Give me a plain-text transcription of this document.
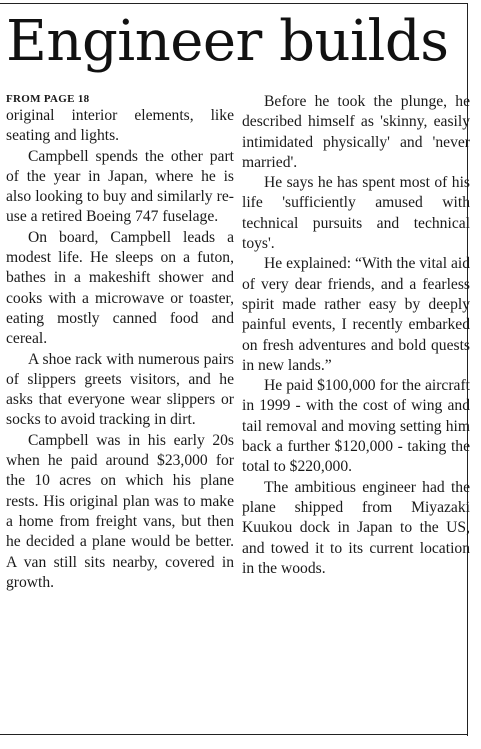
Engineer builds
FROM PAGE 18

original interior elements, like seating and lights.

Campbell spends the other part of the year in Japan, where he is also looking to buy and similarly re-use a retired Boeing 747 fuselage.

On board, Campbell leads a modest life. He sleeps on a futon, bathes in a makeshift shower and cooks with a microwave or toaster, eating mostly canned food and cereal.

A shoe rack with numerous pairs of slippers greets visitors, and he asks that everyone wear slippers or socks to avoid tracking in dirt.

Campbell was in his early 20s when he paid around $23,000 for the 10 acres on which his plane rests. His original plan was to make a home from freight vans, but then he decided a plane would be better. A van still sits nearby, covered in growth.

Before he took the plunge, he described himself as 'skinny, easily intimidated physically' and 'never married'.

He says he has spent most of his life 'sufficiently amused with technical pursuits and technical toys'.

He explained: “With the vital aid of very dear friends, and a fearless spirit made rather easy by deeply painful events, I recently embarked on fresh adventures and bold quests in new lands.”

He paid $100,000 for the aircraft in 1999 - with the cost of wing and tail removal and moving setting him back a further $120,000 - taking the total to $220,000.

The ambitious engineer had the plane shipped from Miyazaki Kuukou dock in Japan to the US, and towed it to its current location in the woods.
